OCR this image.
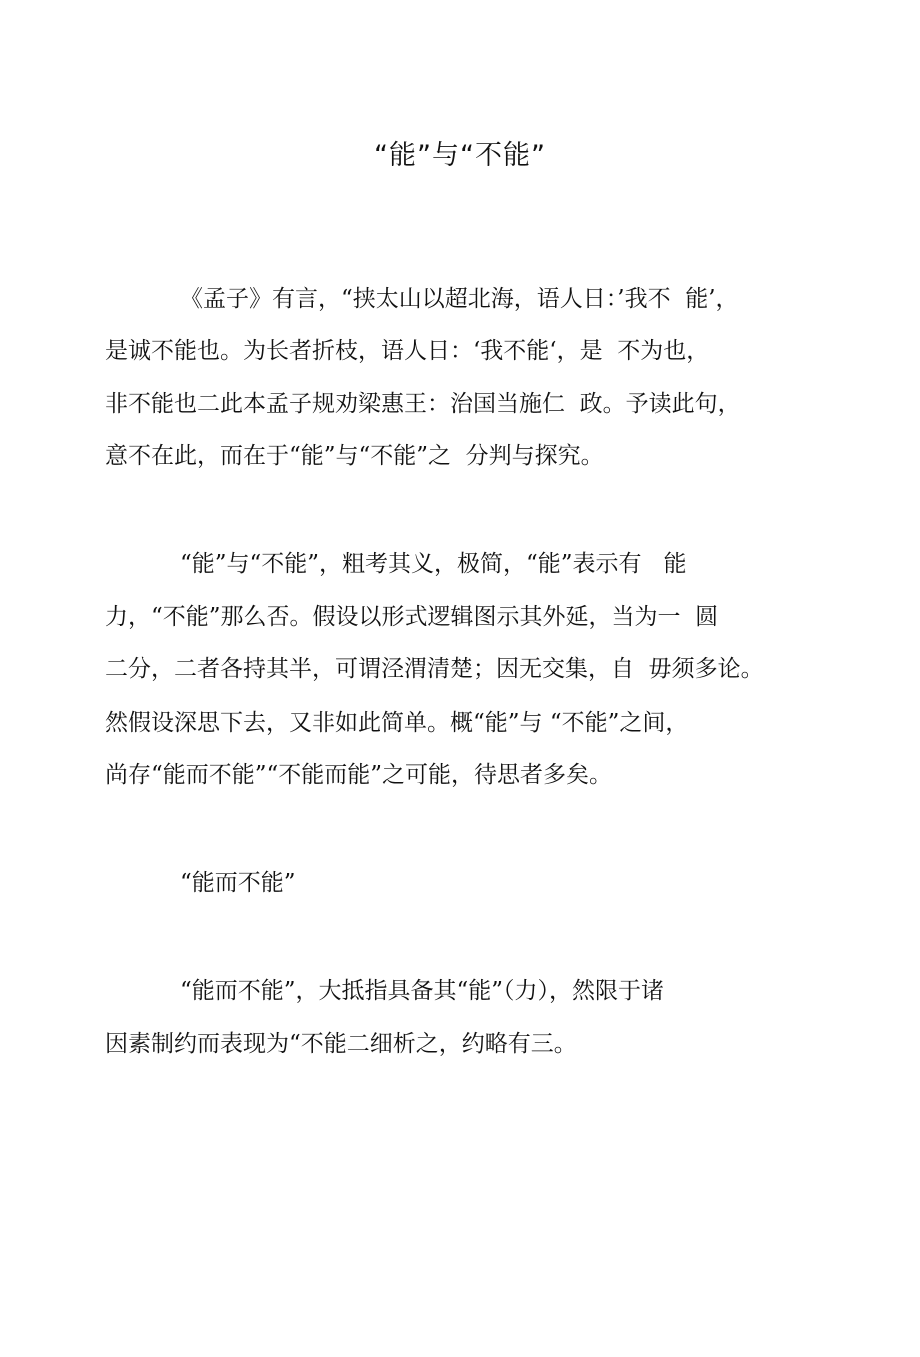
“能”与“不能”

《孟子》有言，“挟太山以超北海，语人日：’我不  能’，

是诚不能也。为长者折枝，语人日：‘我不能‘，是  不为也，

非不能也二此本孟子规劝梁惠王：治国当施仁  政。予读此句，

意不在此，而在于“能”与“不能”之  分判与探究。

“能”与“不能”，粗考其义，极简，“能”表示有   能

力，“不能”那么否。假设以形式逻辑图示其外延，当为一  圆

二分，二者各持其半，可谓泾渭清楚；因无交集，自  毋须多论。

然假设深思下去，又非如此简单。概“能”与 “不能”之间，

尚存“能而不能”“不能而能”之可能，待思者多矣。

“能而不能”

“能而不能”，大抵指具备其“能”（力），然限于诸

因素制约而表现为“不能二细析之，约略有三。
